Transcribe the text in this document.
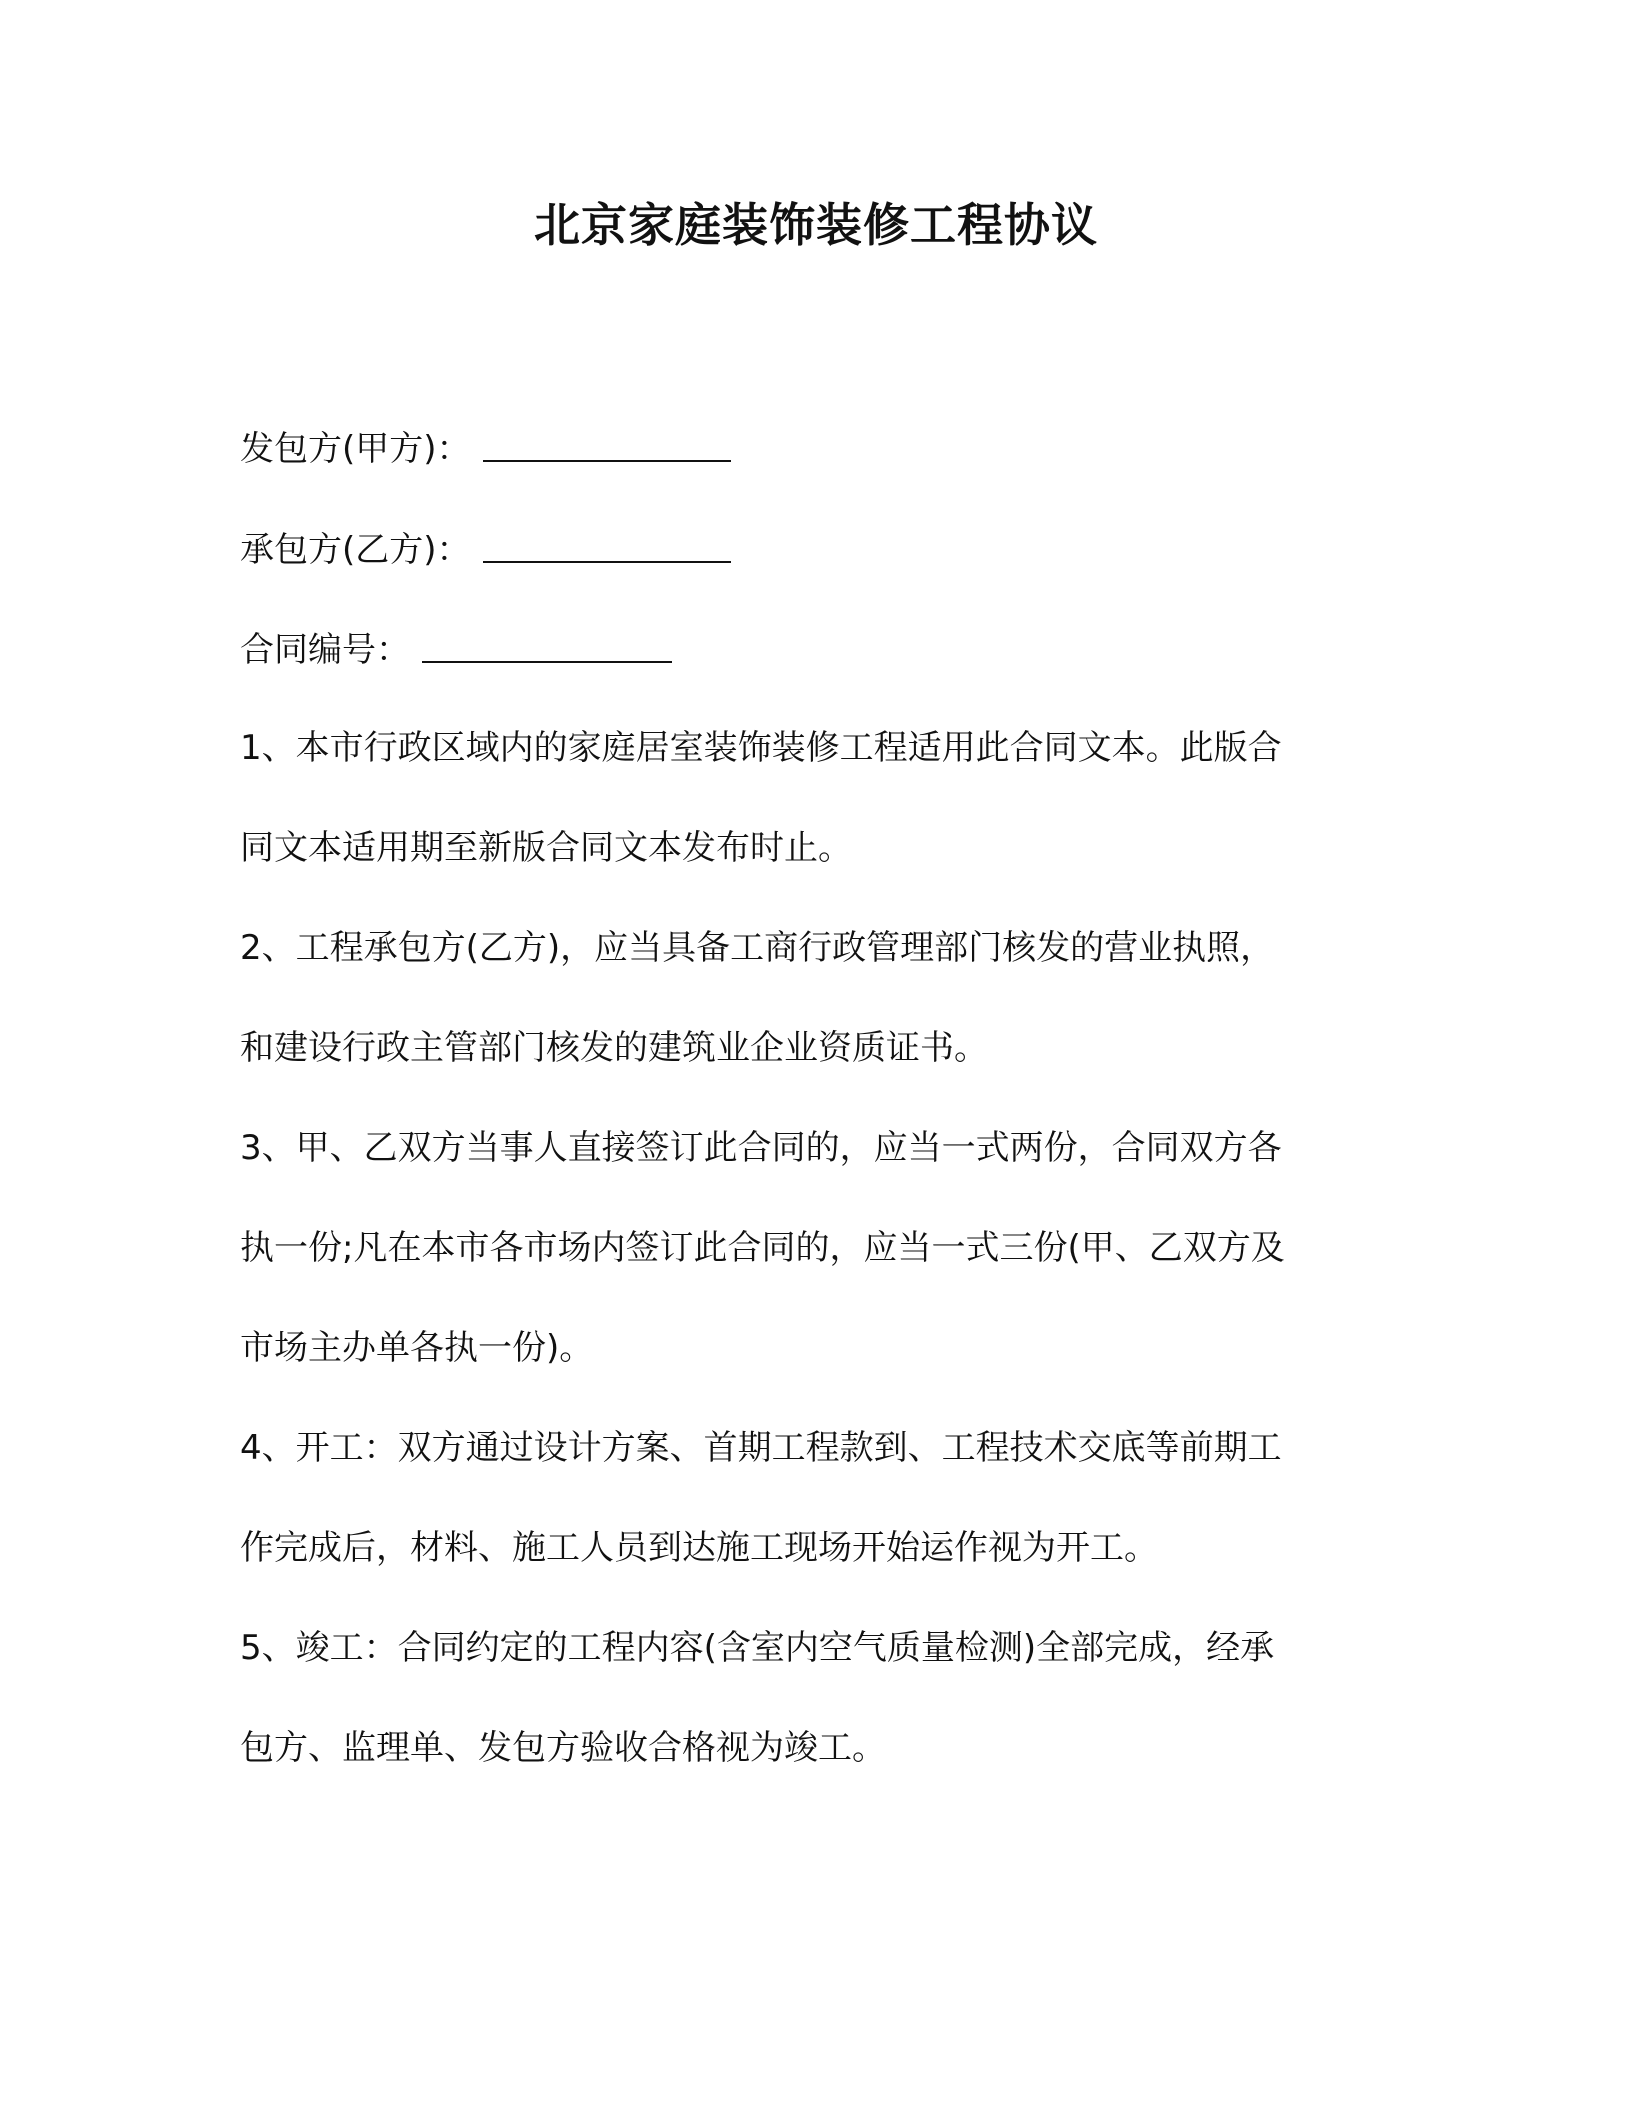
北京家庭装饰装修工程协议
发包方(甲方)：
承包方(乙方)：
合同编号：
1、本市行政区域内的家庭居室装饰装修工程适用此合同文本。此版合
同文本适用期至新版合同文本发布时止。
2、工程承包方(乙方)，应当具备工商行政管理部门核发的营业执照，
和建设行政主管部门核发的建筑业企业资质证书。
3、甲、乙双方当事人直接签订此合同的，应当一式两份，合同双方各
执一份;凡在本市各市场内签订此合同的，应当一式三份(甲、乙双方及
市场主办单各执一份)。
4、开工：双方通过设计方案、首期工程款到、工程技术交底等前期工
作完成后，材料、施工人员到达施工现场开始运作视为开工。
5、竣工：合同约定的工程内容(含室内空气质量检测)全部完成，经承
包方、监理单、发包方验收合格视为竣工。
